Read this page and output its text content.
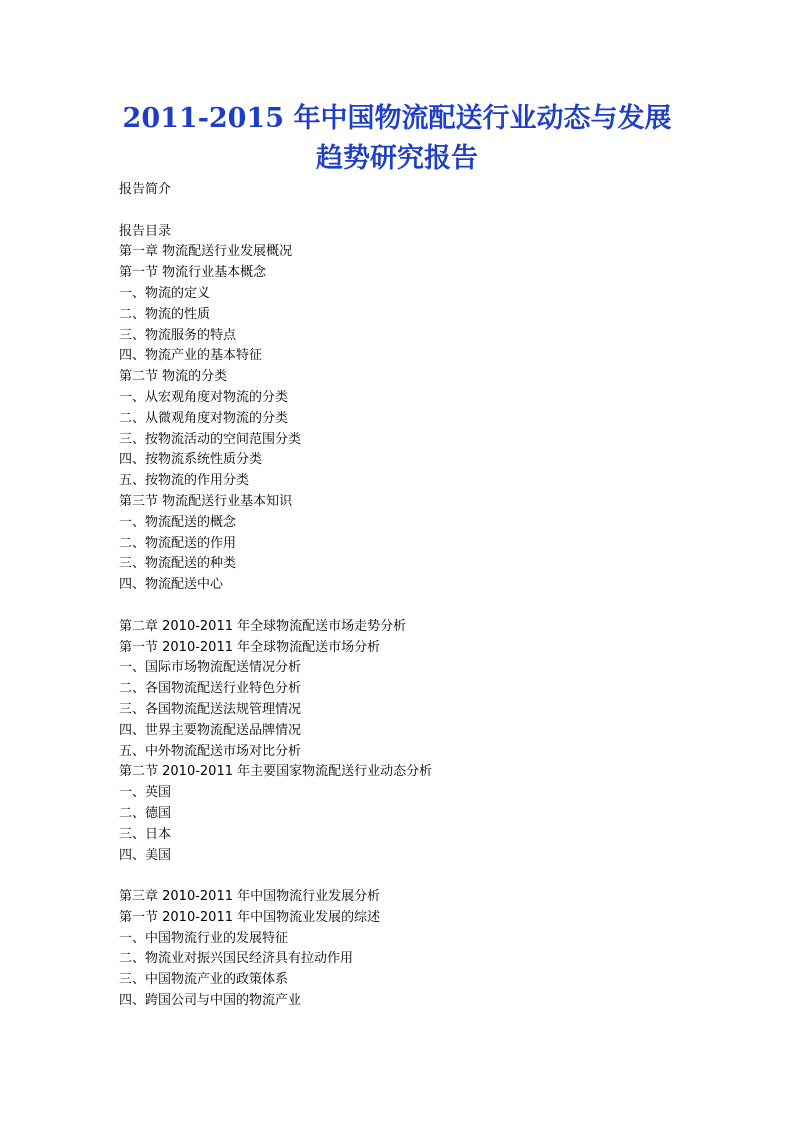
2011-2015 年中国物流配送行业动态与发展
趋势研究报告
报告简介
报告目录
第一章 物流配送行业发展概况
第一节 物流行业基本概念
一、物流的定义
二、物流的性质
三、物流服务的特点
四、物流产业的基本特征
第二节 物流的分类
一、从宏观角度对物流的分类
二、从微观角度对物流的分类
三、按物流活动的空间范围分类
四、按物流系统性质分类
五、按物流的作用分类
第三节 物流配送行业基本知识
一、物流配送的概念
二、物流配送的作用
三、物流配送的种类
四、物流配送中心
第二章 2010-2011 年全球物流配送市场走势分析
第一节 2010-2011 年全球物流配送市场分析
一、国际市场物流配送情况分析
二、各国物流配送行业特色分析
三、各国物流配送法规管理情况
四、世界主要物流配送品牌情况
五、中外物流配送市场对比分析
第二节 2010-2011 年主要国家物流配送行业动态分析
一、英国
二、德国
三、日本
四、美国
第三章 2010-2011 年中国物流行业发展分析
第一节 2010-2011 年中国物流业发展的综述
一、中国物流行业的发展特征
二、物流业对振兴国民经济具有拉动作用
三、中国物流产业的政策体系
四、跨国公司与中国的物流产业
